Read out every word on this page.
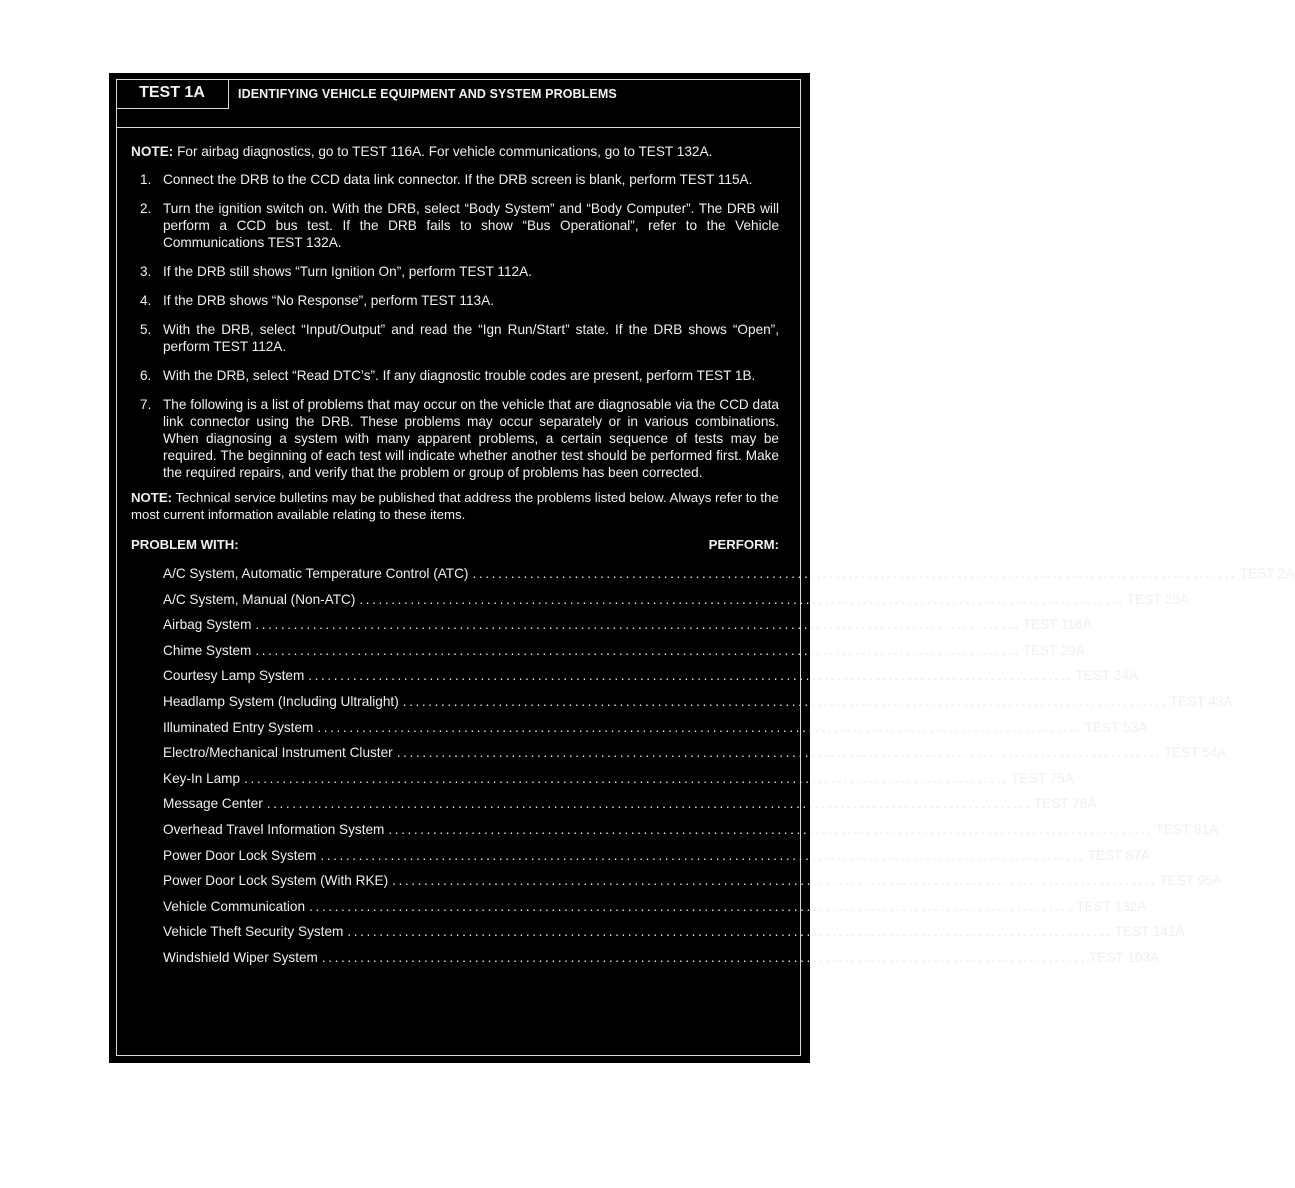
TEST 1A	IDENTIFYING VEHICLE EQUIPMENT AND SYSTEM PROBLEMS

NOTE: For airbag diagnostics, go to TEST 116A. For vehicle communications, go to TEST 132A.

1. Connect the DRB to the CCD data link connector. If the DRB screen is blank, perform TEST 115A.
2. Turn the ignition switch on. With the DRB, select “Body System” and “Body Computer”. The DRB will perform a CCD bus test. If the DRB fails to show “Bus Operational”, refer to the Vehicle Communications TEST 132A.
3. If the DRB still shows “Turn Ignition On”, perform TEST 112A.
4. If the DRB shows “No Response”, perform TEST 113A.
5. With the DRB, select “Input/Output” and read the “Ign Run/Start” state. If the DRB shows “Open”, perform TEST 112A.
6. With the DRB, select “Read DTC’s”. If any diagnostic trouble codes are present, perform TEST 1B.
7. The following is a list of problems that may occur on the vehicle that are diagnosable via the CCD data link connector using the DRB. These problems may occur separately or in various combinations. When diagnosing a system with many apparent problems, a certain sequence of tests may be required. The beginning of each test will indicate whether another test should be performed first. Make the required repairs, and verify that the problem or group of problems has been corrected.

NOTE: Technical service bulletins may be published that address the problems listed below. Always refer to the most current information available relating to these items.

PROBLEM WITH:	PERFORM:
A/C System, Automatic Temperature Control (ATC) ........................................................................................................................ TEST 2A
A/C System, Manual (Non-ATC) ........................................................................................................................ TEST 25A
Airbag System ........................................................................................................................ TEST 116A
Chime System ........................................................................................................................ TEST 29A
Courtesy Lamp System ........................................................................................................................ TEST 34A
Headlamp System (Including Ultralight) ........................................................................................................................ TEST 43A
Illuminated Entry System ........................................................................................................................ TEST 53A
Electro/Mechanical Instrument Cluster ........................................................................................................................ TEST 54A
Key-In Lamp ........................................................................................................................ TEST 75A
Message Center ........................................................................................................................ TEST 78A
Overhead Travel Information System ........................................................................................................................ TEST 81A
Power Door Lock System ........................................................................................................................ TEST 87A
Power Door Lock System (With RKE) ........................................................................................................................ TEST 95A
Vehicle Communication ........................................................................................................................ TEST 132A
Vehicle Theft Security System ........................................................................................................................ TEST 141A
Windshield Wiper System ........................................................................................................................ TEST 103A
